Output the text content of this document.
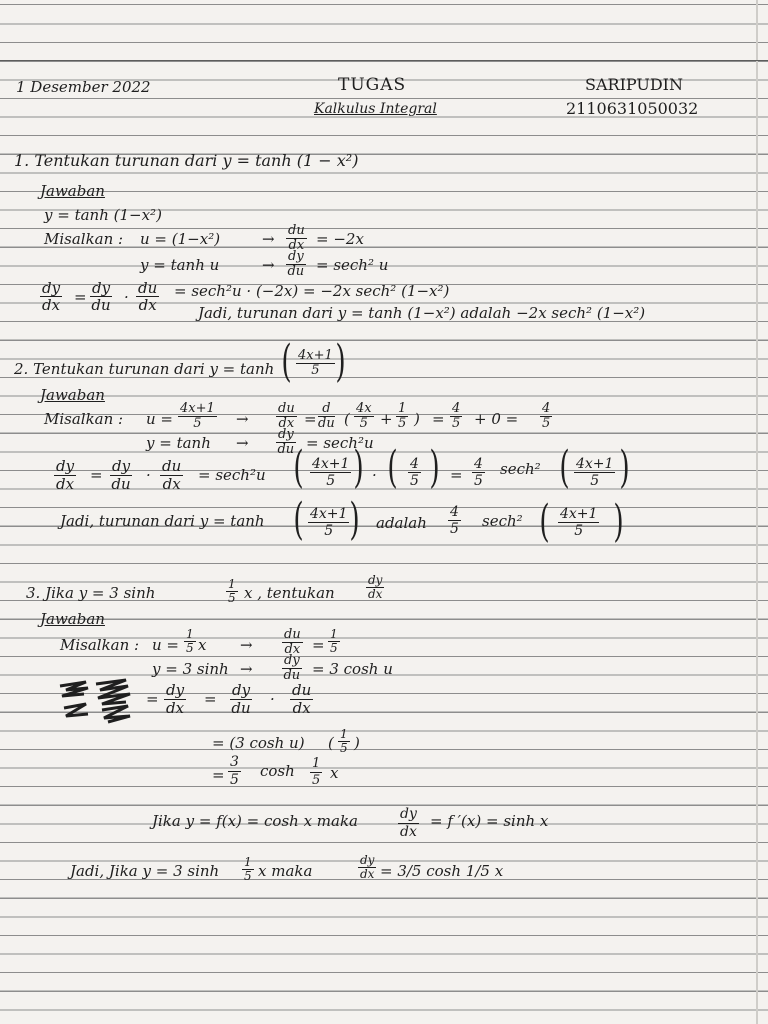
1 Desember 2022	TUGAS
Kalkulus Integral
SARIPUDIN
2110631050032
1. Tentukan turunan dari y = tanh (1 − x²)
Jawaban
y = tanh (1−x²)
Misalkan : u = (1−x²)	→ $\frac{du}{dx} = -2x$
y = tanh u	→ $\frac{dy}{du} = \sec h^2$ u
$\frac{dy}{dx} = \frac{dy}{du} \cdot \frac{du}{dx} = \sec h^2u \cdot (-2x) = -2x$ sech² (1−x²)
Jadi, turunan dari y = tanh (1−x²) adalah −2x sech² (1−x²)
2. Tentukan turunan dari y = tanh ( $\frac{4x+1}{5}$ )
Jawaban
Misalkan : $u = \frac{4x+1}{5} \to \frac{du}{dx} = \frac{d}{du}$ ( $\frac{4x}{5} + \frac{1}{5}$ ) = $\frac{4}{5} + 0 = \frac{4}{5}$
$y = \tanh \to \frac{dy}{du} = \sec h^2u$
$\frac{dy}{dx} = \frac{dy}{du} \cdot \frac{du}{dx} = \sec h^2u$ ( $\frac{4x+1}{5}$ ) · ( $\frac{4}{5}$ ) = $\frac{4}{5} \sec h^2$ ( $\frac{4x+1}{5}$ )
Jadi, turunan dari y = tanh ( $\frac{4x+1}{5}$ ) adalah $\frac{4}{5} \sec h^2$ ( $\frac{4x+1}{5}$ )
3. Jika y = 3 sinh	$\frac{1}{5}$ x , tentukan	$\frac{dy}{dx}$
Jawaban
Misalkan : $u = \frac{1}{5}$ $x \to \frac{du}{dx} = \frac{1}{5}$
y = 3 $\sinh \to \frac{dy}{du} = 3$ cosh u
= $\frac{dy}{dx} = \frac{dy}{du} \cdot \frac{du}{dx}$
= (3 cosh u) ( $\frac{1}{5}$ )
= $\frac{3}{5}$ $\cosh \frac{1}{5}$ x
Jika y = f(x) = cosh x maka	$\frac{dy}{dx} = f$ ′(x) = sinh x
Jadi, Jika y = 3 $\sinh \frac{1}{5}$ x maka	$\frac{dy}{dx} = 3/5$ cosh 1/5 x
